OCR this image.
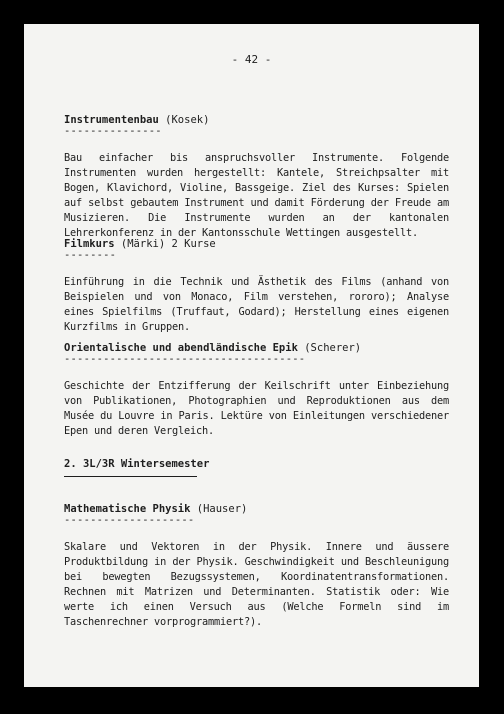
- 42 -
Instrumentenbau (Kosek)
---------------
Bau einfacher bis anspruchsvoller Instrumente. Folgende Instrumenten wurden hergestellt: Kantele, Streichpsalter mit Bogen, Klavichord, Violine, Bassgeige. Ziel des Kurses: Spielen auf selbst gebautem Instrument und damit Förderung der Freude am Musizieren. Die Instrumente wurden an der kantonalen Lehrerkonferenz in der Kantonsschule Wettingen ausgestellt.
Filmkurs (Märki) 2 Kurse
--------
Einführung in die Technik und Ästhetik des Films (anhand von Beispielen und von Monaco, Film verstehen, rororo); Analyse eines Spielfilms (Truffaut, Godard); Herstellung eines eigenen Kurzfilms in Gruppen.
Orientalische und abendländische Epik (Scherer)
-------------------------------------
Geschichte der Entzifferung der Keilschrift unter Einbeziehung von Publikationen, Photographien und Reproduktionen aus dem Musée du Louvre in Paris. Lektüre von Einleitungen verschiedener Epen und deren Vergleich.
2. 3L/3R Wintersemester
Mathematische Physik (Hauser)
--------------------
Skalare und Vektoren in der Physik. Innere und äussere Produktbildung in der Physik. Geschwindigkeit und Beschleunigung bei bewegten Bezugssystemen, Koordinatentransformationen. Rechnen mit Matrizen und Determinanten. Statistik oder: Wie werte ich einen Versuch aus (Welche Formeln sind im Taschenrechner vorprogrammiert?).
